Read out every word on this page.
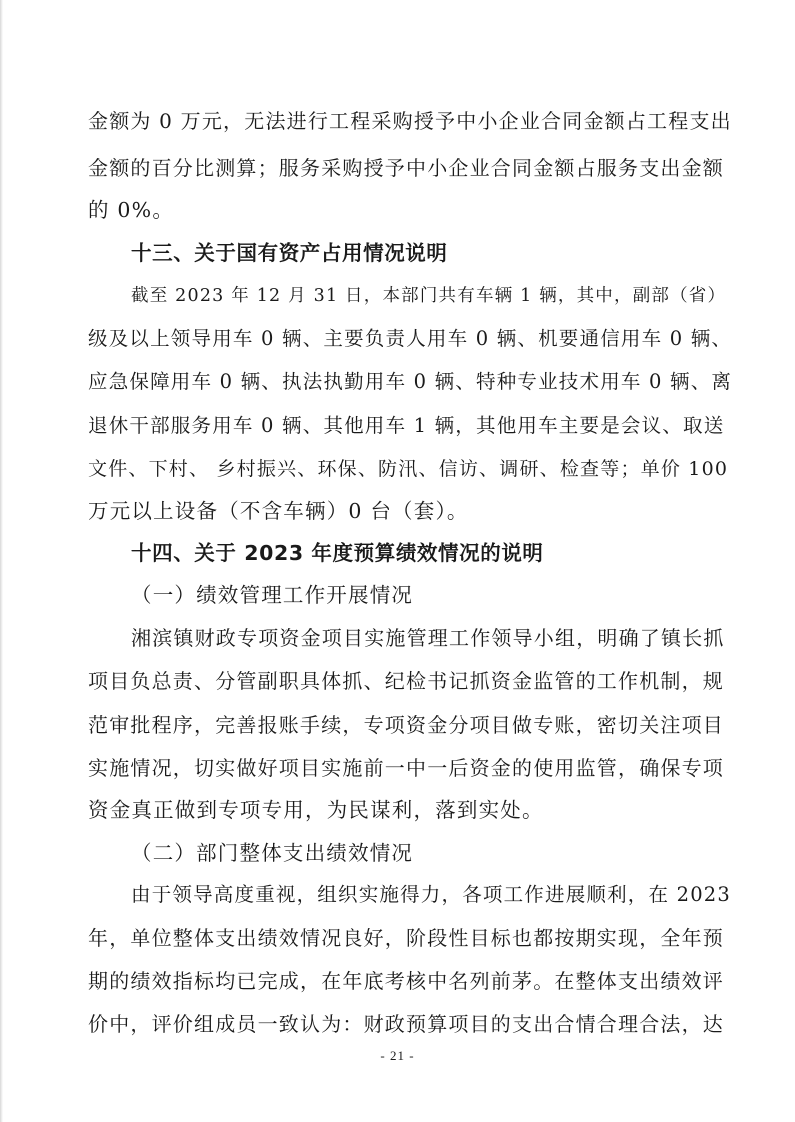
金额为 0 万元，无法进行工程采购授予中小企业合同金额占工程支出
金额的百分比测算；服务采购授予中小企业合同金额占服务支出金额
的 0%。
十三、关于国有资产占用情况说明
截至 2023 年 12 月 31 日，本部门共有车辆 1 辆，其中，副部（省）
级及以上领导用车 0 辆、主要负责人用车 0 辆、机要通信用车 0 辆、
应急保障用车 0 辆、执法执勤用车 0 辆、特种专业技术用车 0 辆、离
退休干部服务用车 0 辆、其他用车 1 辆，其他用车主要是会议、取送
文件、下村、 乡村振兴、环保、防汛、信访、调研、检查等；单价 100
万元以上设备（不含车辆）0 台（套）。
十四、关于 2023 年度预算绩效情况的说明
（一）绩效管理工作开展情况
湘滨镇财政专项资金项目实施管理工作领导小组，明确了镇长抓
项目负总责、分管副职具体抓、纪检书记抓资金监管的工作机制，规
范审批程序，完善报账手续，专项资金分项目做专账，密切关注项目
实施情况，切实做好项目实施前一中一后资金的使用监管，确保专项
资金真正做到专项专用，为民谋利，落到实处。
（二）部门整体支出绩效情况
由于领导高度重视，组织实施得力，各项工作进展顺利，在 2023
年，单位整体支出绩效情况良好，阶段性目标也都按期实现，全年预
期的绩效指标均已完成，在年底考核中名列前茅。在整体支出绩效评
价中，评价组成员一致认为：财政预算项目的支出合情合理合法，达
- 21 -
